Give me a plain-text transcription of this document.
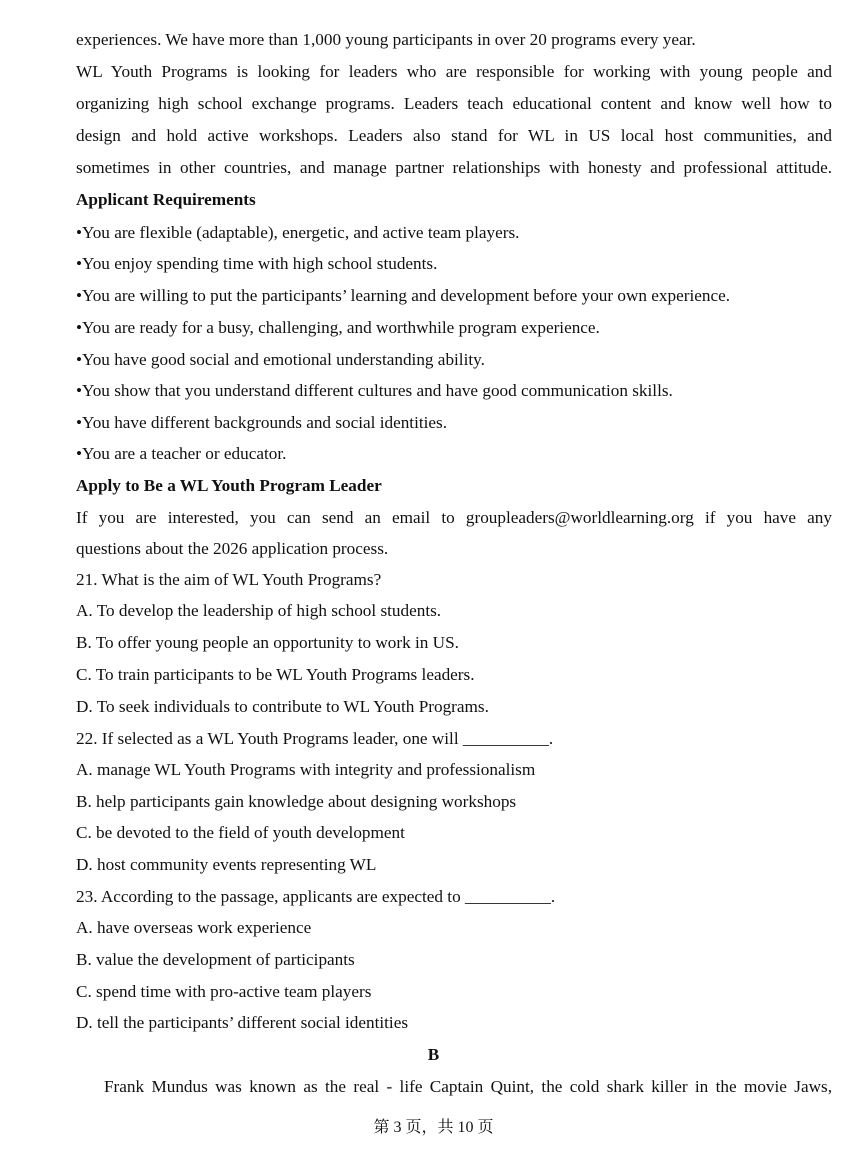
experiences. We have more than 1,000 young participants in over 20 programs every year.
WL Youth Programs is looking for leaders who are responsible for working with young people and
organizing high school exchange programs. Leaders teach educational content and know well how to
design and hold active workshops. Leaders also stand for WL in US local host communities, and
sometimes in other countries, and manage partner relationships with honesty and professional attitude.
Applicant Requirements
•You are flexible (adaptable), energetic, and active team players.
•You enjoy spending time with high school students.
•You are willing to put the participants’ learning and development before your own experience.
•You are ready for a busy, challenging, and worthwhile program experience.
•You have good social and emotional understanding ability.
•You show that you understand different cultures and have good communication skills.
•You have different backgrounds and social identities.
•You are a teacher or educator.
Apply to Be a WL Youth Program Leader
If you are interested, you can send an email to groupleaders@worldlearning.org if you have any
questions about the 2026 application process.
21. What is the aim of WL Youth Programs?
A. To develop the leadership of high school students.
B. To offer young people an opportunity to work in US.
C. To train participants to be WL Youth Programs leaders.
D. To seek individuals to contribute to WL Youth Programs.
22. If selected as a WL Youth Programs leader, one will __________.
A. manage WL Youth Programs with integrity and professionalism
B. help participants gain knowledge about designing workshops
C. be devoted to the field of youth development
D. host community events representing WL
23. According to the passage, applicants are expected to __________.
A. have overseas work experience
B. value the development of participants
C. spend time with pro-active team players
D. tell the participants’ different social identities
B
Frank Mundus was known as the real - life Captain Quint, the cold shark killer in the movie Jaws,
第 3 页，共 10 页
